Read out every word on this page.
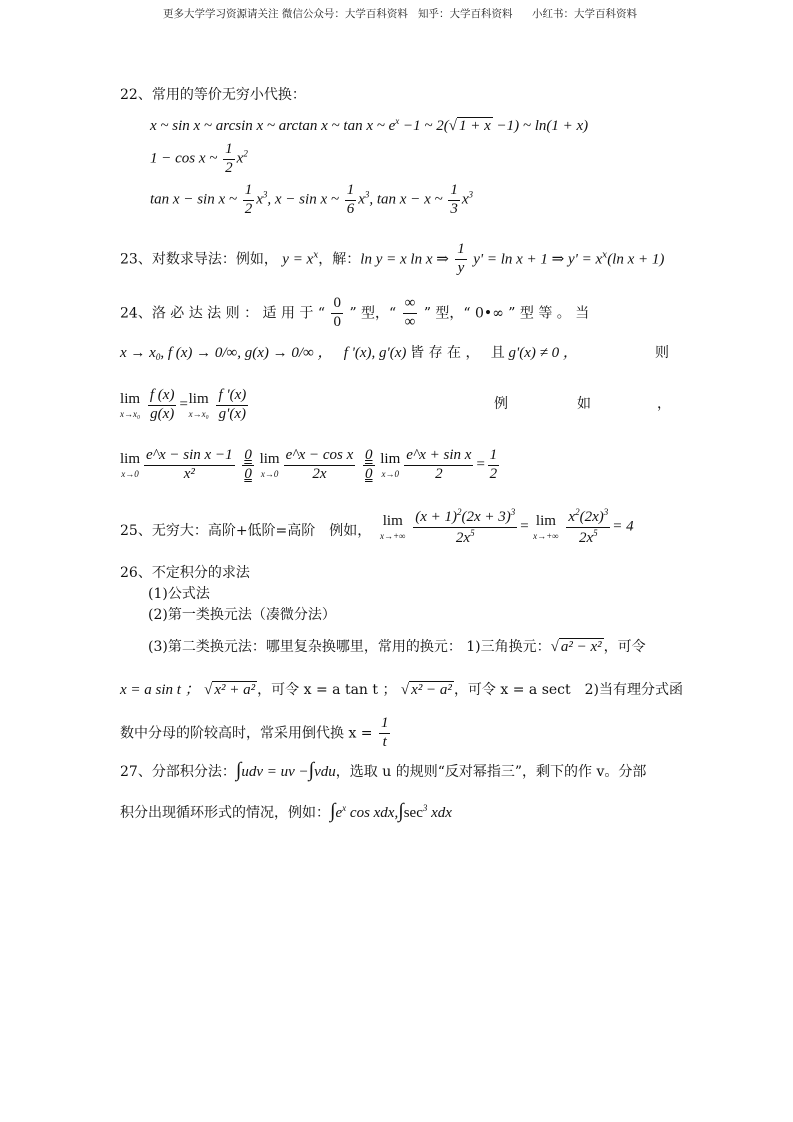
更多大学学习资源请关注 微信公众号：大学百科资料 知乎：大学百科资料 小红书：大学百科资料
22、常用的等价无穷小代换：
x ~ sin x ~ arcsin x ~ arctan x ~ tan x ~ $e^x -1$ ~ 2(√ 1 + x −1) ~ ln(1 + x)
1 − cos x ~ $\frac{1}{2} x^2$
tan x − sin x ~ $\frac{1}{2} x^3$, x − sin x ~ $\frac{1}{6} x^3$, tan x − x ~ $\frac{1}{3} x^3$
23、对数求导法：例如， $y = x^x$，解：ln y = x ln x ⇒ $\frac{1}{y} y' = \ln x + 1$ ⇒ $y' = x^x(\ln$ x + 1)
24、洛 必 达 法 则 ： 适 用 于 “ $\frac{0}{0}$ ” 型，“ $\frac{\infty}{\infty}$ ” 型，“ 0•∞ ” 型 等 。 当
$x \to x_0$, f (x) → 0/∞, g(x) → 0/∞ ， f '(x), g'(x) 皆 存 在 ， 且 g'(x) ≠ 0 ，	则
lim
x→x₀
$\frac{f (x)}{g(x)} = \lim$
x→x₀
$\frac{f '(x)}{g'(x)}$	例	如	，
lim
$x\to 0 \frac{\text{e\textasciicircum{}x − sin x −1}}{\text{x²}}$
$\frac{0}{0}$
lim
$x\to 0 \frac{\text{e\textasciicircum{}x − cos x}}{2x}$
$\frac{0}{0}$
lim
$x\to 0 \frac{\text{e\textasciicircum{}x + sin x}}{2} = \frac{1}{2}$
25、无穷大：高阶+低阶=高阶　例如，
lim
x→+∞
$\frac{(x + 1)^2(2x + 3)^3}{2x^5} = \lim$
x→+∞
$\frac{x^2(2x)^3}{2x^5} = 4$
26、不定积分的求法
(1)公式法
(2)第一类换元法（凑微分法）
(3)第二类换元法：哪里复杂换哪里，常用的换元： 1)三角换元：√ a² − x² ，可令
x = a sin t ； √ x² + a² ，可令 x = a tan t ； √ x² − a² ，可令 x = a sect　2)当有理分式函
数中分母的阶较高时，常采用倒代换 $x = \frac{1}{t}$
27、分部积分法：∫udv = uv −∫vdu，选取 u 的规则“反对幂指三”，剩下的作 v。分部
积分出现循环形式的情况，例如：$\int e^x$ $\cos xdx,\int\sec^3$ xdx
